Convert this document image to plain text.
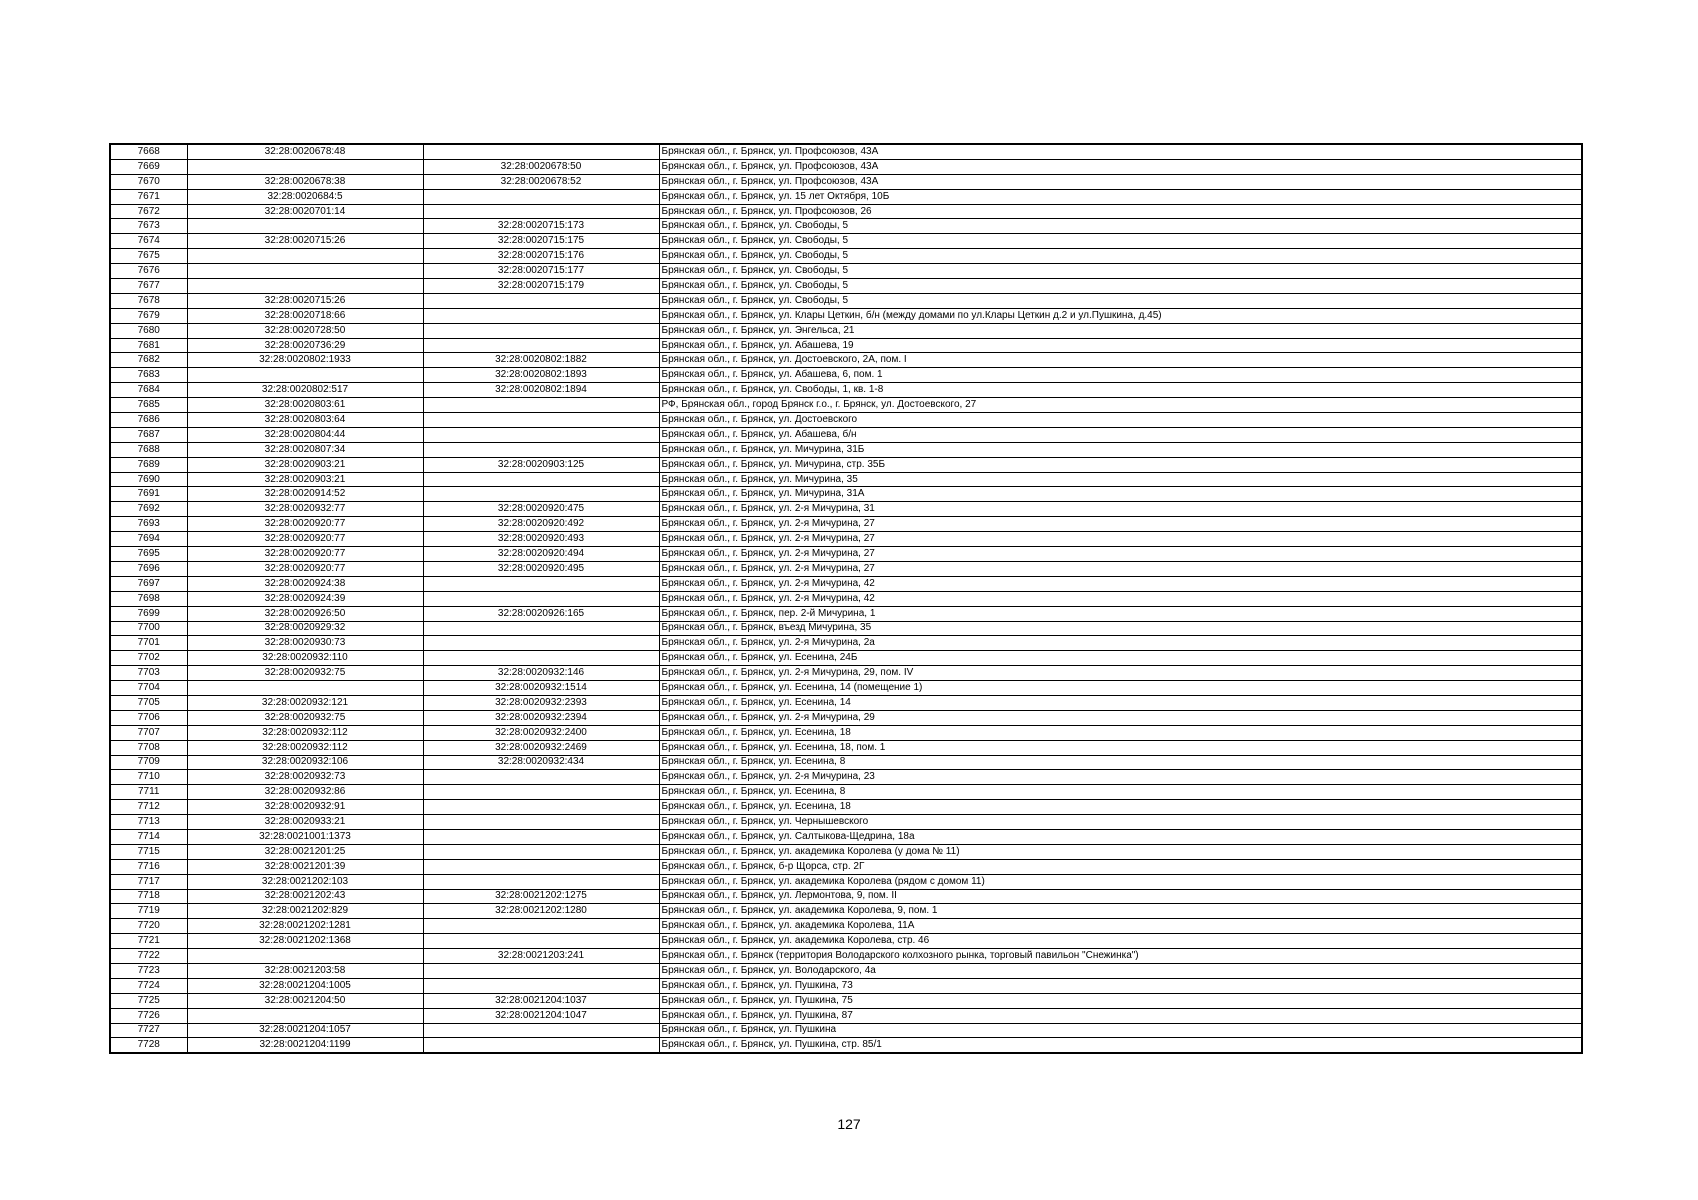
7668	32:28:0020678:48		Брянская обл., г. Брянск, ул. Профсоюзов, 43А
7669		32:28:0020678:50	Брянская обл., г. Брянск, ул. Профсоюзов, 43А
7670	32:28:0020678:38	32:28:0020678:52	Брянская обл., г. Брянск, ул. Профсоюзов, 43А
7671	32:28:0020684:5		Брянская обл., г. Брянск, ул. 15 лет Октября, 10Б
7672	32:28:0020701:14		Брянская обл., г. Брянск, ул. Профсоюзов, 26
7673		32:28:0020715:173	Брянская обл., г. Брянск, ул. Свободы, 5
7674	32:28:0020715:26	32:28:0020715:175	Брянская обл., г. Брянск, ул. Свободы, 5
7675		32:28:0020715:176	Брянская обл., г. Брянск, ул. Свободы, 5
7676		32:28:0020715:177	Брянская обл., г. Брянск, ул. Свободы, 5
7677		32:28:0020715:179	Брянская обл., г. Брянск, ул. Свободы, 5
7678	32:28:0020715:26		Брянская обл., г. Брянск, ул. Свободы, 5
7679	32:28:0020718:66		Брянская обл., г. Брянск, ул. Клары Цеткин, б/н (между домами по ул.Клары Цеткин д.2 и ул.Пушкина, д.45)
7680	32:28:0020728:50		Брянская обл., г. Брянск, ул. Энгельса, 21
7681	32:28:0020736:29		Брянская обл., г. Брянск, ул. Абашева, 19
7682	32:28:0020802:1933	32:28:0020802:1882	Брянская обл., г. Брянск, ул. Достоевского, 2А, пом. I
7683		32:28:0020802:1893	Брянская обл., г. Брянск, ул. Абашева, 6, пом. 1
7684	32:28:0020802:517	32:28:0020802:1894	Брянская обл., г. Брянск, ул. Свободы, 1, кв. 1-8
7685	32:28:0020803:61		РФ, Брянская обл., город Брянск г.о., г. Брянск, ул. Достоевского, 27
7686	32:28:0020803:64		Брянская обл., г. Брянск, ул. Достоевского
7687	32:28:0020804:44		Брянская обл., г. Брянск, ул. Абашева, б/н
7688	32:28:0020807:34		Брянская обл., г. Брянск, ул. Мичурина, 31Б
7689	32:28:0020903:21	32:28:0020903:125	Брянская обл., г. Брянск, ул. Мичурина, стр. 35Б
7690	32:28:0020903:21		Брянская обл., г. Брянск, ул. Мичурина, 35
7691	32:28:0020914:52		Брянская обл., г. Брянск, ул. Мичурина, 31А
7692	32:28:0020932:77	32:28:0020920:475	Брянская обл., г. Брянск, ул. 2-я Мичурина, 31
7693	32:28:0020920:77	32:28:0020920:492	Брянская обл., г. Брянск, ул. 2-я Мичурина, 27
7694	32:28:0020920:77	32:28:0020920:493	Брянская обл., г. Брянск, ул. 2-я Мичурина, 27
7695	32:28:0020920:77	32:28:0020920:494	Брянская обл., г. Брянск, ул. 2-я Мичурина, 27
7696	32:28:0020920:77	32:28:0020920:495	Брянская обл., г. Брянск, ул. 2-я Мичурина, 27
7697	32:28:0020924:38		Брянская обл., г. Брянск, ул. 2-я Мичурина, 42
7698	32:28:0020924:39		Брянская обл., г. Брянск, ул. 2-я Мичурина, 42
7699	32:28:0020926:50	32:28:0020926:165	Брянская обл., г. Брянск, пер. 2-й Мичурина, 1
7700	32:28:0020929:32		Брянская обл., г. Брянск, въезд Мичурина, 35
7701	32:28:0020930:73		Брянская обл., г. Брянск, ул. 2-я Мичурина, 2а
7702	32:28:0020932:110		Брянская обл., г. Брянск, ул. Есенина, 24Б
7703	32:28:0020932:75	32:28:0020932:146	Брянская обл., г. Брянск, ул. 2-я Мичурина, 29, пом. IV
7704		32:28:0020932:1514	Брянская обл., г. Брянск, ул. Есенина, 14 (помещение 1)
7705	32:28:0020932:121	32:28:0020932:2393	Брянская обл., г. Брянск, ул. Есенина, 14
7706	32:28:0020932:75	32:28:0020932:2394	Брянская обл., г. Брянск, ул. 2-я Мичурина, 29
7707	32:28:0020932:112	32:28:0020932:2400	Брянская обл., г. Брянск, ул. Есенина, 18
7708	32:28:0020932:112	32:28:0020932:2469	Брянская обл., г. Брянск, ул. Есенина, 18, пом. 1
7709	32:28:0020932:106	32:28:0020932:434	Брянская обл., г. Брянск, ул. Есенина, 8
7710	32:28:0020932:73		Брянская обл., г. Брянск, ул. 2-я Мичурина, 23
7711	32:28:0020932:86		Брянская обл., г. Брянск, ул. Есенина, 8
7712	32:28:0020932:91		Брянская обл., г. Брянск, ул. Есенина, 18
7713	32:28:0020933:21		Брянская обл., г. Брянск, ул. Чернышевского
7714	32:28:0021001:1373		Брянская обл., г. Брянск, ул. Салтыкова-Щедрина, 18а
7715	32:28:0021201:25		Брянская обл., г. Брянск, ул. академика Королева (у дома № 11)
7716	32:28:0021201:39		Брянская обл., г. Брянск, б-р Щорса, стр. 2Г
7717	32:28:0021202:103		Брянская обл., г. Брянск, ул. академика Королева (рядом с домом 11)
7718	32:28:0021202:43	32:28:0021202:1275	Брянская обл., г. Брянск, ул. Лермонтова, 9, пом. II
7719	32:28:0021202:829	32:28:0021202:1280	Брянская обл., г. Брянск, ул. академика Королева, 9, пом. 1
7720	32:28:0021202:1281		Брянская обл., г. Брянск, ул. академика Королева, 11А
7721	32:28:0021202:1368		Брянская обл., г. Брянск, ул. академика Королева, стр. 46
7722		32:28:0021203:241	Брянская обл., г. Брянск (территория Володарского колхозного рынка, торговый павильон "Снежинка")
7723	32:28:0021203:58		Брянская обл., г. Брянск, ул. Володарского, 4а
7724	32:28:0021204:1005		Брянская обл., г. Брянск, ул. Пушкина, 73
7725	32:28:0021204:50	32:28:0021204:1037	Брянская обл., г. Брянск, ул. Пушкина, 75
7726		32:28:0021204:1047	Брянская обл., г. Брянск, ул. Пушкина, 87
7727	32:28:0021204:1057		Брянская обл., г. Брянск, ул. Пушкина
7728	32:28:0021204:1199		Брянская обл., г. Брянск, ул. Пушкина, стр. 85/1
127
